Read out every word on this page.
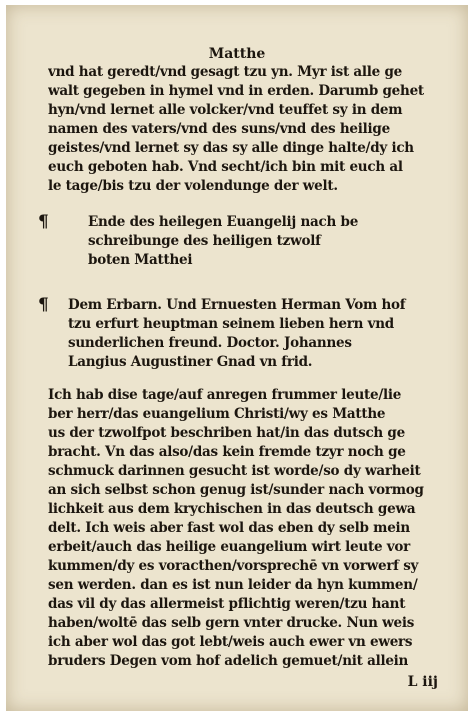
Matthe
vnd hat geredt/vnd gesagt tzu yn. Myr ist alle ge
walt gegeben in hymel vnd in erden. Darumb gehet
hyn/vnd lernet alle volcker/vnd teuffet sy in dem
namen des vaters/vnd des suns/vnd des heilige
geistes/vnd lernet sy das sy alle dinge halte/dy ich
euch geboten hab. Vnd secht/ich bin mit euch al
le tage/bis tzu der volendunge der welt.
¶	Ende des heilegen Euangelij nach be
schreibunge des heiligen tzwolf
boten Matthei
¶ Dem Erbarn. Und Ernuesten Herman Vom hof
tzu erfurt heuptman seinem lieben hern vnd
sunderlichen freund. Doctor. Johannes
Langius Augustiner Gnad vn frid.
Ich hab dise tage/auf anregen frummer leute/lie
ber herr/das euangelium Christi/wy es Matthe
us der tzwolfpot beschriben hat/in das dutsch ge
bracht. Vn das also/das kein fremde tzyr noch ge
schmuck darinnen gesucht ist worde/so dy warheit
an sich selbst schon genug ist/sunder nach vormog
lichkeit aus dem krychischen in das deutsch gewa
delt. Ich weis aber fast wol das eben dy selb mein
erbeit/auch das heilige euangelium wirt leute vor
kummen/dy es voracthen/vorsprechē vn vorwerf sy
sen werden. dan es ist nun leider da hyn kummen/
das vil dy das allermeist pflichtig weren/tzu hant
haben/woltē das selb gern vnter drucke. Nun weis
ich aber wol das got lebt/weis auch ewer vn ewers
bruders Degen vom hof adelich gemuet/nit allein
L iij
